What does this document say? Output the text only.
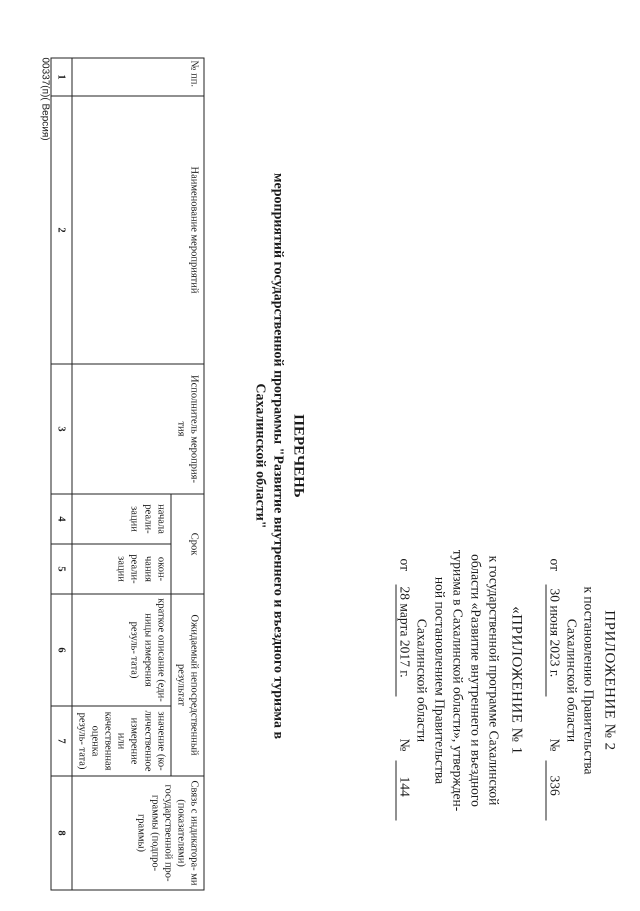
ПРИЛОЖЕНИЕ № 2
к постановлению Правительства
Сахалинской области
от
30 июня 2023 г.
№
336
«ПРИЛОЖЕНИЕ № 1
к государственной программе Сахалинской
области «Развитие внутреннего и въездного
туризма в Сахалинской области», утвержден-
ной постановлением Правительства
Сахалинской области
от
28 марта 2017 г.
№
144
ПЕРЕЧЕНЬ
мероприятий государственной программы "Развитие внутреннего и въездного туризма в
Сахалинской области"
№ пп.	Наименование мероприятий	Исполнитель мероприя- тия	Срок		Ожидаемый непосредственный результат		Связь с индикатора- ми (показателями) государственной про- граммы (подпро- граммы)
			начала реали- зации	окон- чания реали- зации	краткое описание (еди- ницы измерения резуль- тата)	значение (ко- личественное измерение или качественная оценка резуль- тата)	
1	2	3	4	5	6	7	8
00337(п)( Версия)
